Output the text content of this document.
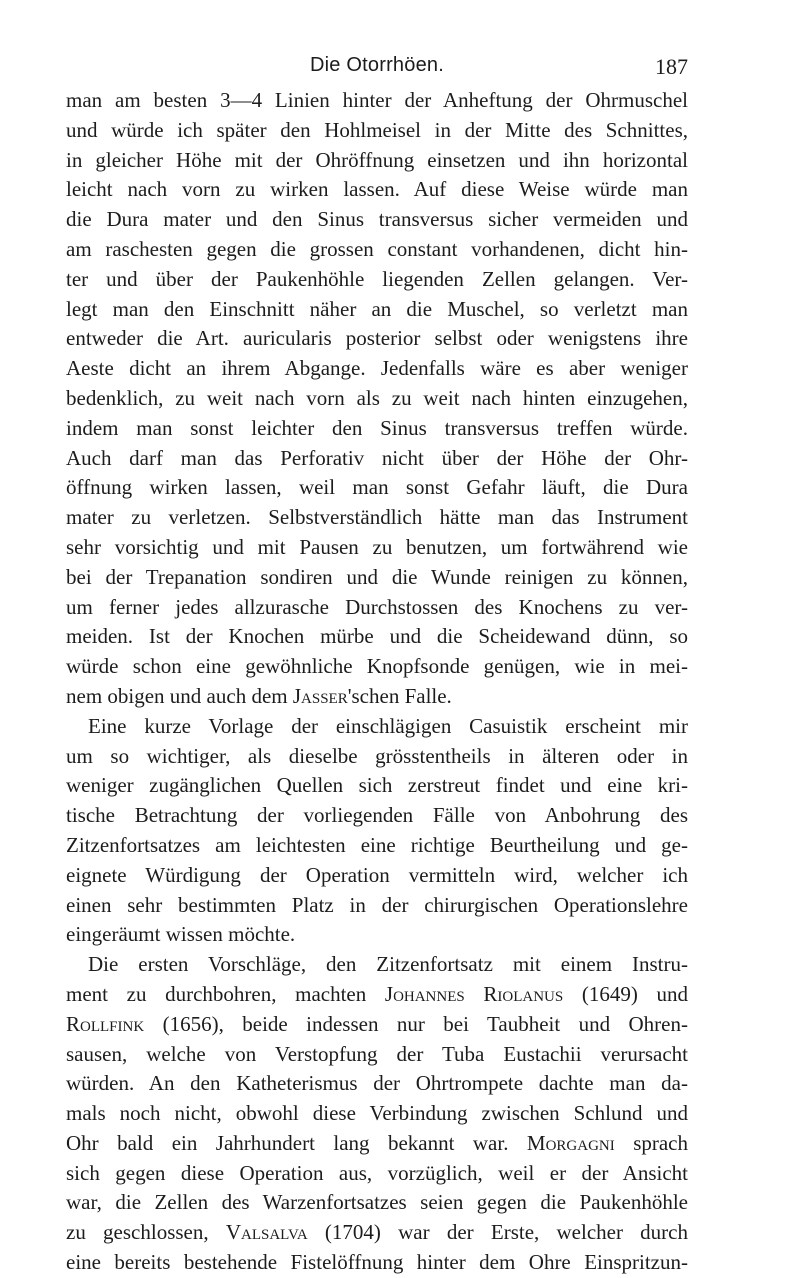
Die Otorrhöen.	187
man am besten 3—4 Linien hinter der Anheftung der Ohrmuschel
und würde ich später den Hohlmeisel in der Mitte des Schnittes,
in gleicher Höhe mit der Ohröffnung einsetzen und ihn horizontal
leicht nach vorn zu wirken lassen. Auf diese Weise würde man
die Dura mater und den Sinus transversus sicher vermeiden und
am raschesten gegen die grossen constant vorhandenen, dicht hin-
ter und über der Paukenhöhle liegenden Zellen gelangen. Ver-
legt man den Einschnitt näher an die Muschel, so verletzt man
entweder die Art. auricularis posterior selbst oder wenigstens ihre
Aeste dicht an ihrem Abgange. Jedenfalls wäre es aber weniger
bedenklich, zu weit nach vorn als zu weit nach hinten einzugehen,
indem man sonst leichter den Sinus transversus treffen würde.
Auch darf man das Perforativ nicht über der Höhe der Ohr-
öffnung wirken lassen, weil man sonst Gefahr läuft, die Dura
mater zu verletzen. Selbstverständlich hätte man das Instrument
sehr vorsichtig und mit Pausen zu benutzen, um fortwährend wie
bei der Trepanation sondiren und die Wunde reinigen zu können,
um ferner jedes allzurasche Durchstossen des Knochens zu ver-
meiden. Ist der Knochen mürbe und die Scheidewand dünn, so
würde schon eine gewöhnliche Knopfsonde genügen, wie in mei-
nem obigen und auch dem Jasser'schen Falle.
Eine kurze Vorlage der einschlägigen Casuistik erscheint mir
um so wichtiger, als dieselbe grösstentheils in älteren oder in
weniger zugänglichen Quellen sich zerstreut findet und eine kri-
tische Betrachtung der vorliegenden Fälle von Anbohrung des
Zitzenfortsatzes am leichtesten eine richtige Beurtheilung und ge-
eignete Würdigung der Operation vermitteln wird, welcher ich
einen sehr bestimmten Platz in der chirurgischen Operationslehre
eingeräumt wissen möchte.
Die ersten Vorschläge, den Zitzenfortsatz mit einem Instru-
ment zu durchbohren, machten Johannes Riolanus (1649) und
Rollfink (1656), beide indessen nur bei Taubheit und Ohren-
sausen, welche von Verstopfung der Tuba Eustachii verursacht
würden. An den Katheterismus der Ohrtrompete dachte man da-
mals noch nicht, obwohl diese Verbindung zwischen Schlund und
Ohr bald ein Jahrhundert lang bekannt war. Morgagni sprach
sich gegen diese Operation aus, vorzüglich, weil er der Ansicht
war, die Zellen des Warzenfortsatzes seien gegen die Paukenhöhle
zu geschlossen, Valsalva (1704) war der Erste, welcher durch
eine bereits bestehende Fistelöffnung hinter dem Ohre Einspritzun-
